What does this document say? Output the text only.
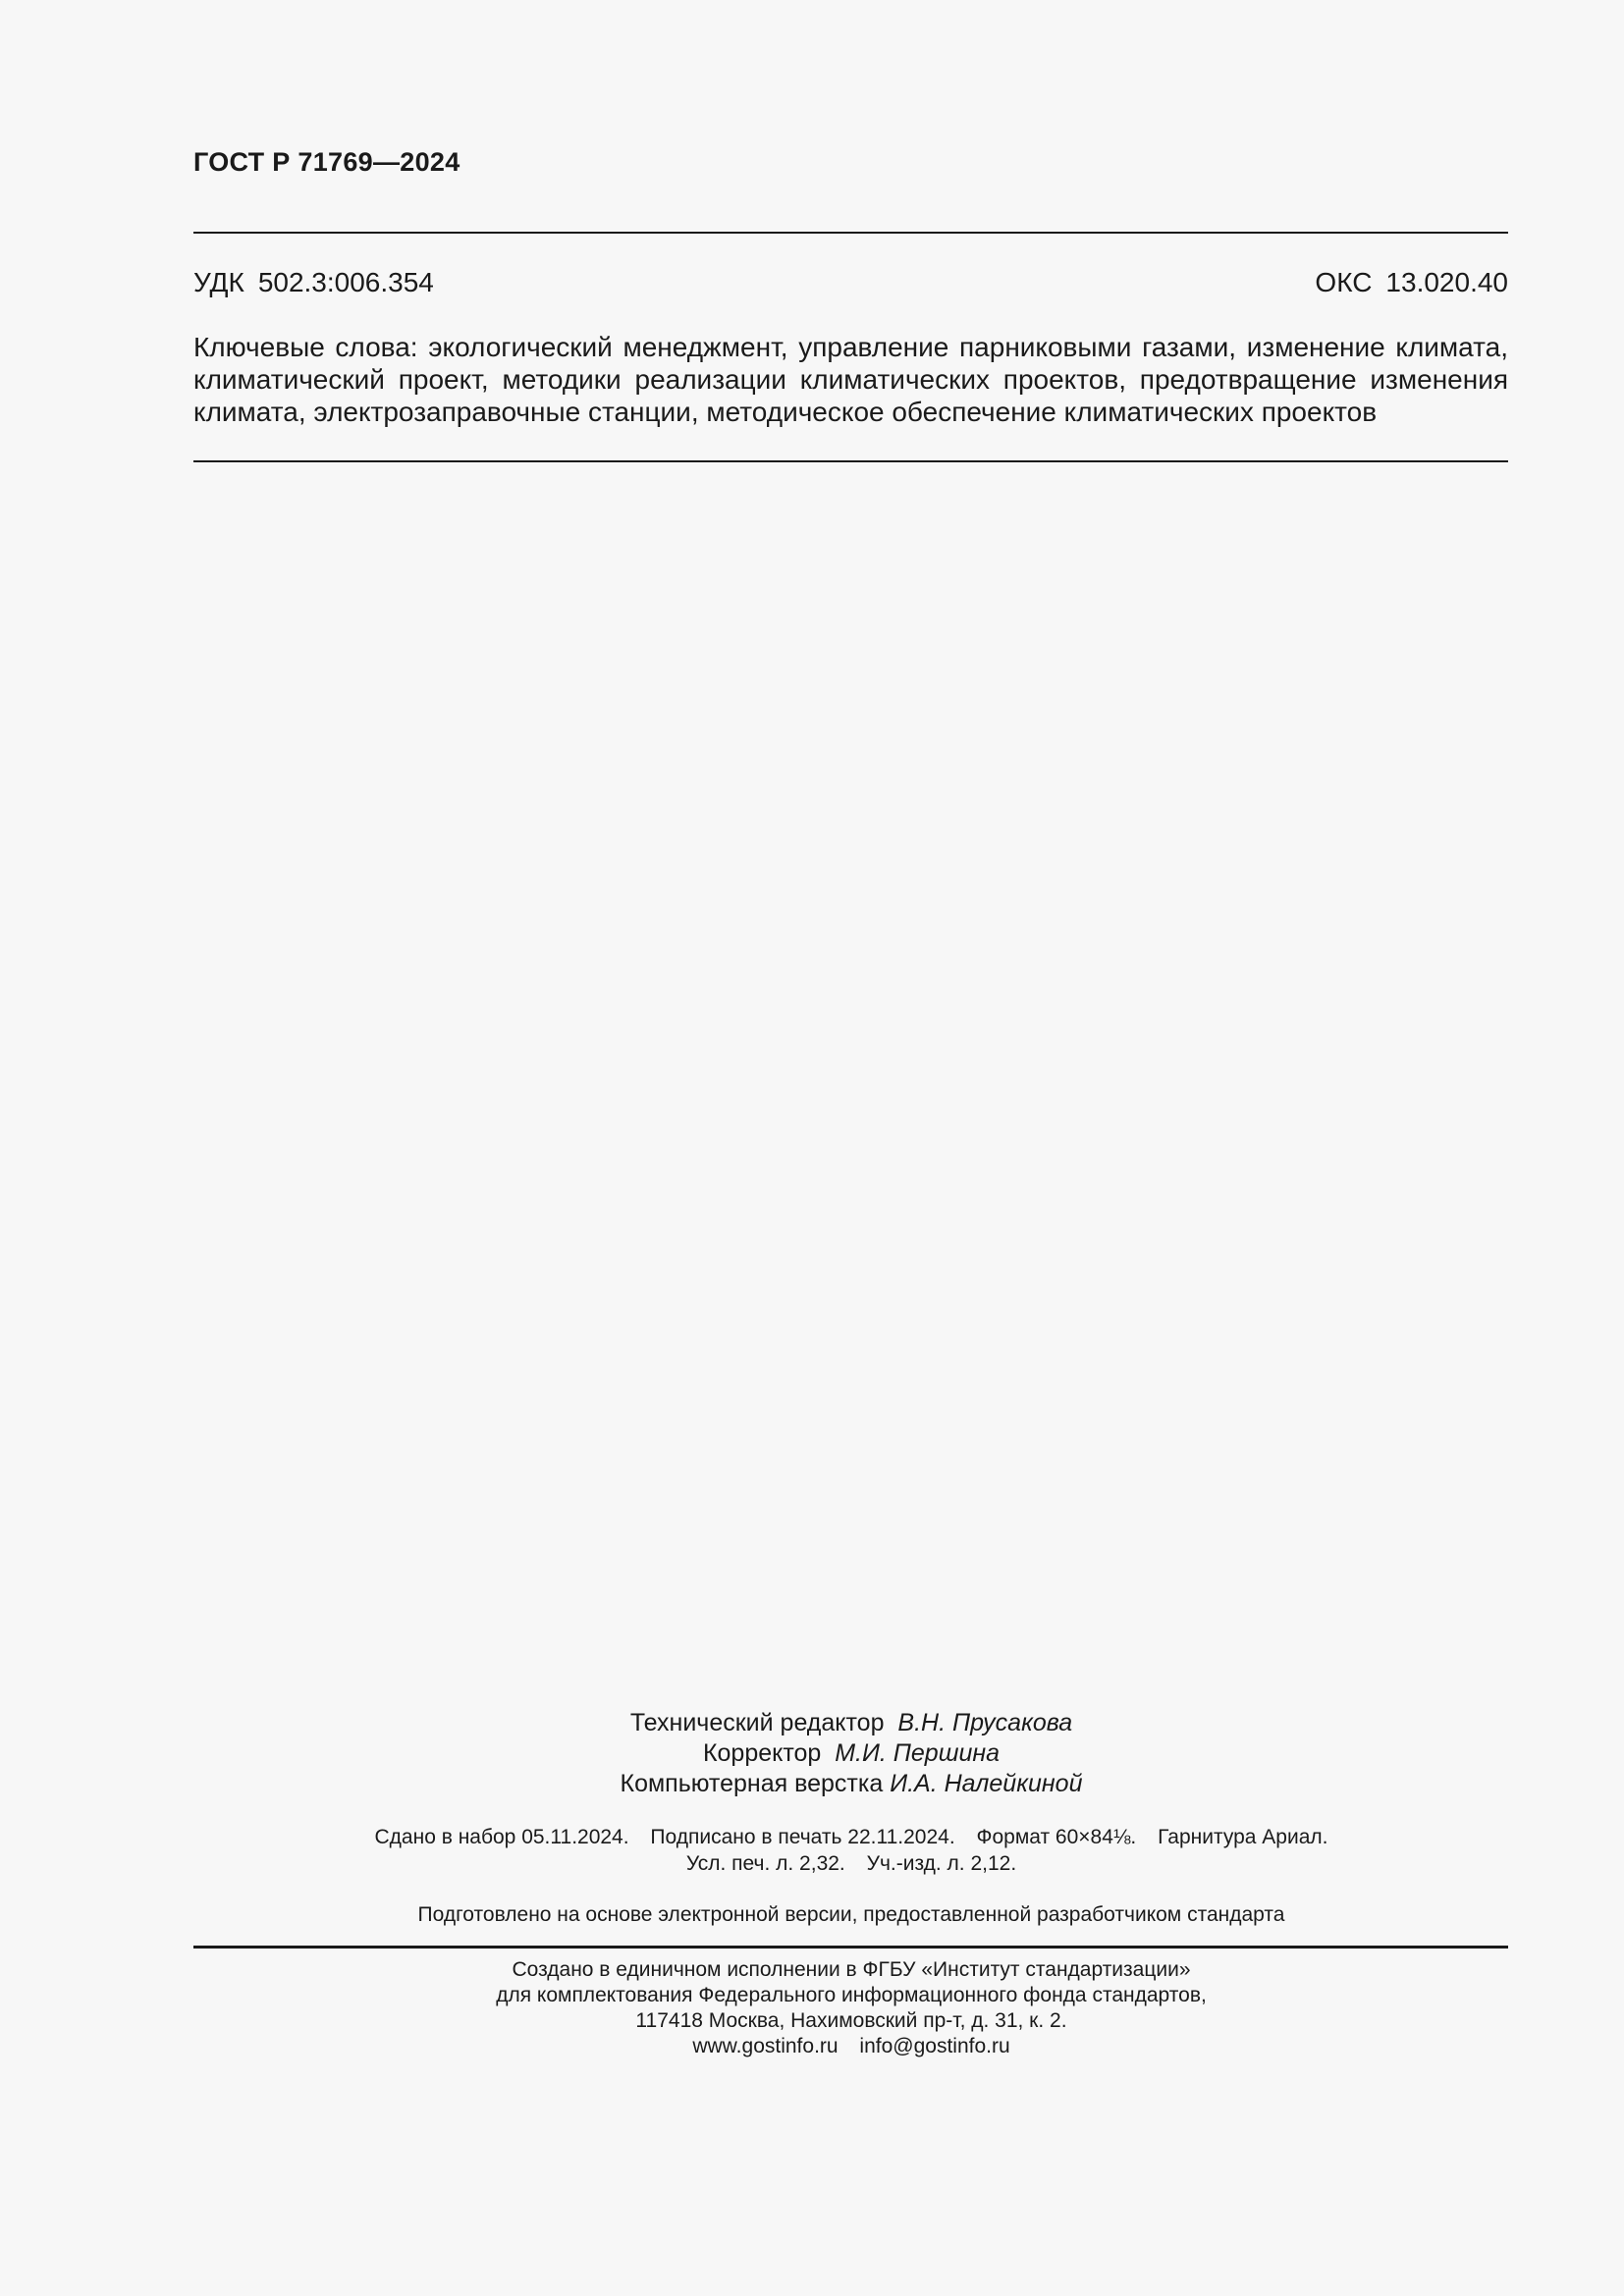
ГОСТ Р 71769—2024
УДК 502.3:006.354	ОКС 13.020.40
Ключевые слова: экологический менеджмент, управление парниковыми газами, изменение климата, климатический проект, методики реализации климатических проектов, предотвращение изменения климата, электрозаправочные станции, методическое обеспечение климатических проектов
Технический редактор В.Н. Прусакова
Корректор М.И. Першина
Компьютерная верстка И.А. Налейкиной
Сдано в набор 05.11.2024. Подписано в печать 22.11.2024. Формат 60×84⅛. Гарнитура Ариал.
Усл. печ. л. 2,32. Уч.-изд. л. 2,12.
Подготовлено на основе электронной версии, предоставленной разработчиком стандарта
Создано в единичном исполнении в ФГБУ «Институт стандартизации»
для комплектования Федерального информационного фонда стандартов,
117418 Москва, Нахимовский пр-т, д. 31, к. 2.
www.gostinfo.ru info@gostinfo.ru
